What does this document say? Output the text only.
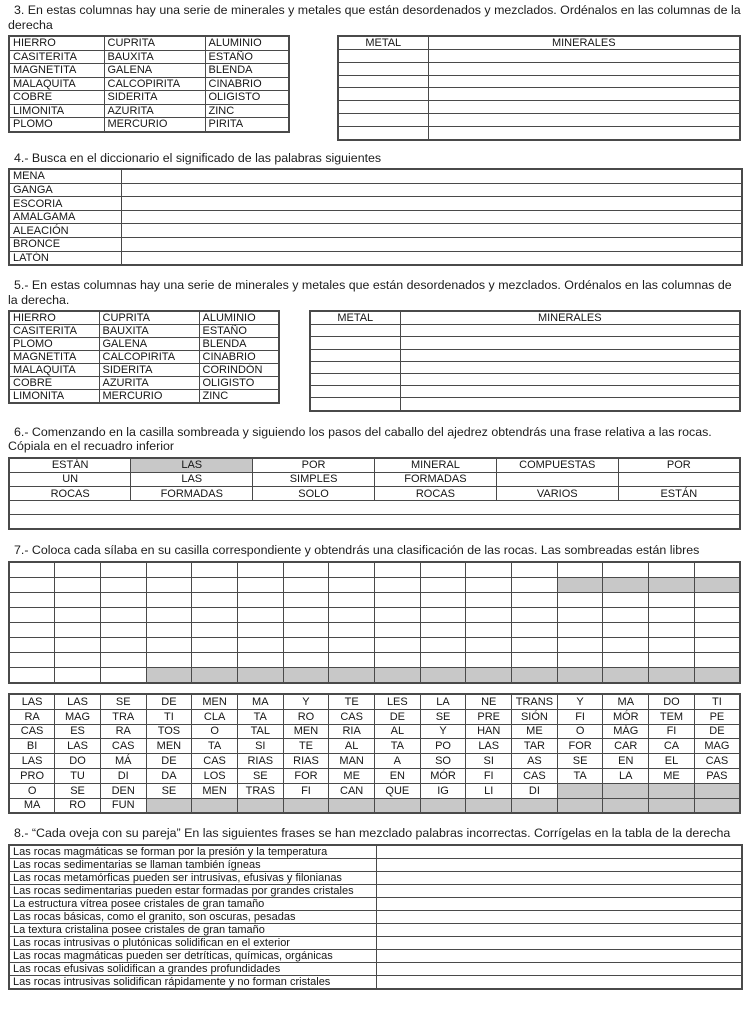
3. En estas columnas hay una serie de minerales y metales que están desordenados y mezclados. Ordénalos en las columnas de la derecha

HIERRO	CUPRITA	ALUMINIO
CASITERITA	BAUXITA	ESTAÑO
MAGNETITA	GALENA	BLENDA
MALAQUITA	CALCOPIRITA	CINABRIO
COBRE	SIDERITA	OLIGISTO
LIMONITA	AZURITA	ZINC
PLOMO	MERCURIO	PIRITA
METAL	MINERALES

4.- Busca en el diccionario el significado de las palabras siguientes

MENA	
GANGA	
ESCORIA	
AMALGAMA	
ALEACIÓN	
BRONCE	
LATÓN	

5.- En estas columnas hay una serie de minerales y metales que están desordenados y mezclados. Ordénalos en las columnas de la derecha.

HIERRO	CUPRITA	ALUMINIO
CASITERITA	BAUXITA	ESTAÑO
PLOMO	GALENA	BLENDA
MAGNETITA	CALCOPIRITA	CINABRIO
MALAQUITA	SIDERITA	CORINDÓN
COBRE	AZURITA	OLIGISTO
LIMONITA	MERCURIO	ZINC
METAL	MINERALES

6.- Comenzando en la casilla sombreada y siguiendo los pasos del caballo del ajedrez obtendrás una frase relativa a las rocas. Cópiala en el recuadro inferior

ESTÁN	LAS	POR	MINERAL	COMPUESTAS	POR
UN	LAS	SIMPLES	FORMADAS		
ROCAS	FORMADAS	SOLO	ROCAS	VARIOS	ESTÁN

7.- Coloca cada sílaba en su casilla correspondiente y obtendrás una clasificación de las rocas. Las sombreadas están libres

LAS	LAS	SE	DE	MEN	MA	Y	TE	LES	LA	NE	TRANS	Y	MA	DO	TI
RA	MAG	TRA	TI	CLA	TA	RO	CAS	DE	SE	PRE	SIÓN	FI	MÓR	TEM	PE
CAS	ES	RA	TOS	O	TAL	MEN	RIA	AL	Y	HAN	ME	O	MÁG	FI	DE
BI	LAS	CAS	MEN	TA	SI	TE	AL	TA	PO	LAS	TAR	FOR	CAR	CA	MAG
LAS	DO	MÁ	DE	CAS	RIAS	RIAS	MAN	A	SO	SI	AS	SE	EN	EL	CAS
PRO	TU	DI	DA	LOS	SE	FOR	ME	EN	MÓR	FI	CAS	TA	LA	ME	PAS
O	SE	DEN	SE	MEN	TRAS	FI	CAN	QUE	IG	LI	DI				
MA	RO	FUN													

8.- “Cada oveja con su pareja” En las siguientes frases se han mezclado palabras incorrectas. Corrígelas en la tabla de la derecha

Las rocas magmáticas se forman por la presión y la temperatura	
Las rocas sedimentarias se llaman también ígneas	
Las rocas metamórficas pueden ser intrusivas, efusivas y filonianas	
Las rocas sedimentarias pueden estar formadas por grandes cristales	
La estructura vítrea posee cristales de gran tamaño	
Las rocas básicas, como el granito, son oscuras, pesadas	
La textura cristalina posee cristales de gran tamaño	
Las rocas intrusivas o plutónicas solidifican en el exterior	
Las rocas magmáticas pueden ser detríticas, químicas, orgánicas	
Las rocas efusivas solidifican a grandes profundidades	
Las rocas intrusivas solidifican rápidamente y no forman cristales	
